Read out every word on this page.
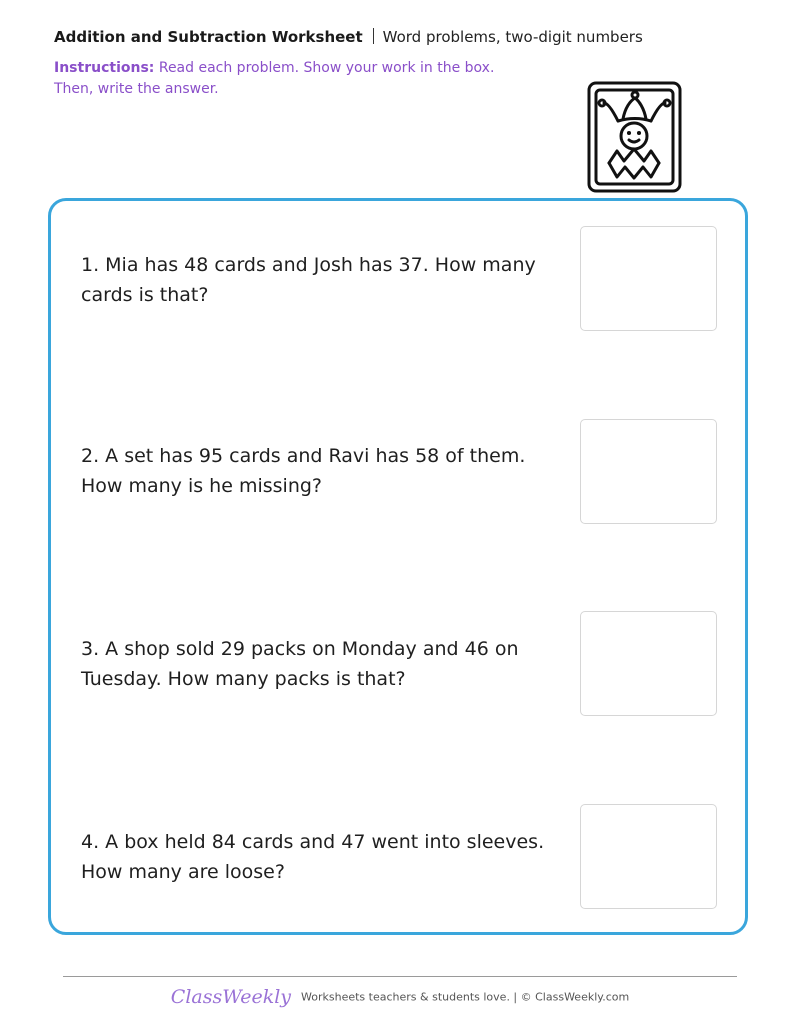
Addition and Subtraction Worksheet Word problems, two-digit numbers
Instructions: Read each problem. Show your work in the box. Then, write the answer.
1. Mia has 48 cards and Josh has 37. How many cards is that?
2. A set has 95 cards and Ravi has 58 of them. How many is he missing?
3. A shop sold 29 packs on Monday and 46 on Tuesday. How many packs is that?
4. A box held 84 cards and 47 went into sleeves. How many are loose?
ClassWeekly Worksheets teachers & students love. | © ClassWeekly.com
